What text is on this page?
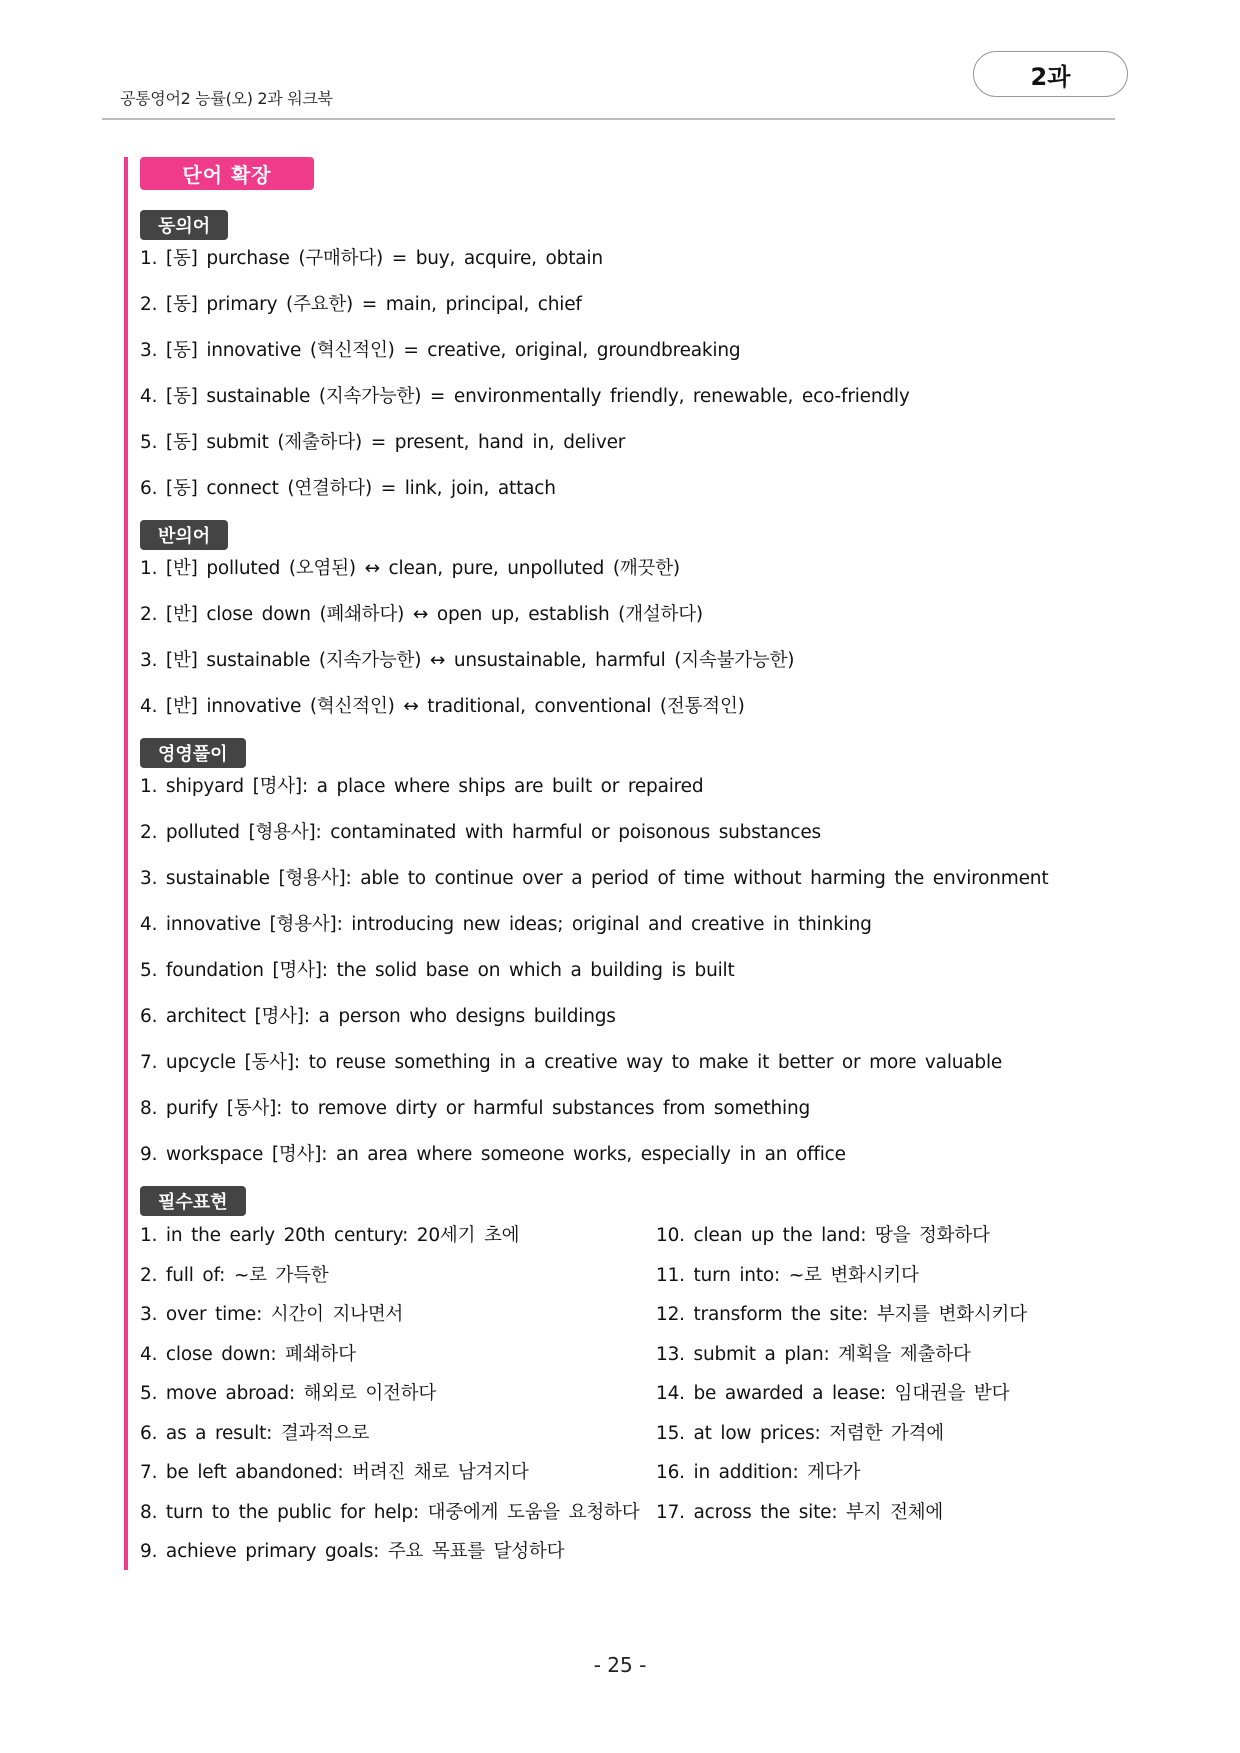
공통영어2 능률(오) 2과 워크북
2과
단어 확장
동의어
1. [동] purchase (구매하다) = buy, acquire, obtain
2. [동] primary (주요한) = main, principal, chief
3. [동] innovative (혁신적인) = creative, original, groundbreaking
4. [동] sustainable (지속가능한) = environmentally friendly, renewable, eco-friendly
5. [동] submit (제출하다) = present, hand in, deliver
6. [동] connect (연결하다) = link, join, attach
반의어
1. [반] polluted (오염된) ↔ clean, pure, unpolluted (깨끗한)
2. [반] close down (폐쇄하다) ↔ open up, establish (개설하다)
3. [반] sustainable (지속가능한) ↔ unsustainable, harmful (지속불가능한)
4. [반] innovative (혁신적인) ↔ traditional, conventional (전통적인)
영영풀이
1. shipyard [명사]: a place where ships are built or repaired
2. polluted [형용사]: contaminated with harmful or poisonous substances
3. sustainable [형용사]: able to continue over a period of time without harming the environment
4. innovative [형용사]: introducing new ideas; original and creative in thinking
5. foundation [명사]: the solid base on which a building is built
6. architect [명사]: a person who designs buildings
7. upcycle [동사]: to reuse something in a creative way to make it better or more valuable
8. purify [동사]: to remove dirty or harmful substances from something
9. workspace [명사]: an area where someone works, especially in an office
필수표현
1. in the early 20th century: 20세기 초에
2. full of: ~로 가득한
3. over time: 시간이 지나면서
4. close down: 폐쇄하다
5. move abroad: 해외로 이전하다
6. as a result: 결과적으로
7. be left abandoned: 버려진 채로 남겨지다
8. turn to the public for help: 대중에게 도움을 요청하다
9. achieve primary goals: 주요 목표를 달성하다
10. clean up the land: 땅을 정화하다
11. turn into: ~로 변화시키다
12. transform the site: 부지를 변화시키다
13. submit a plan: 계획을 제출하다
14. be awarded a lease: 임대권을 받다
15. at low prices: 저렴한 가격에
16. in addition: 게다가
17. across the site: 부지 전체에
- 25 -
